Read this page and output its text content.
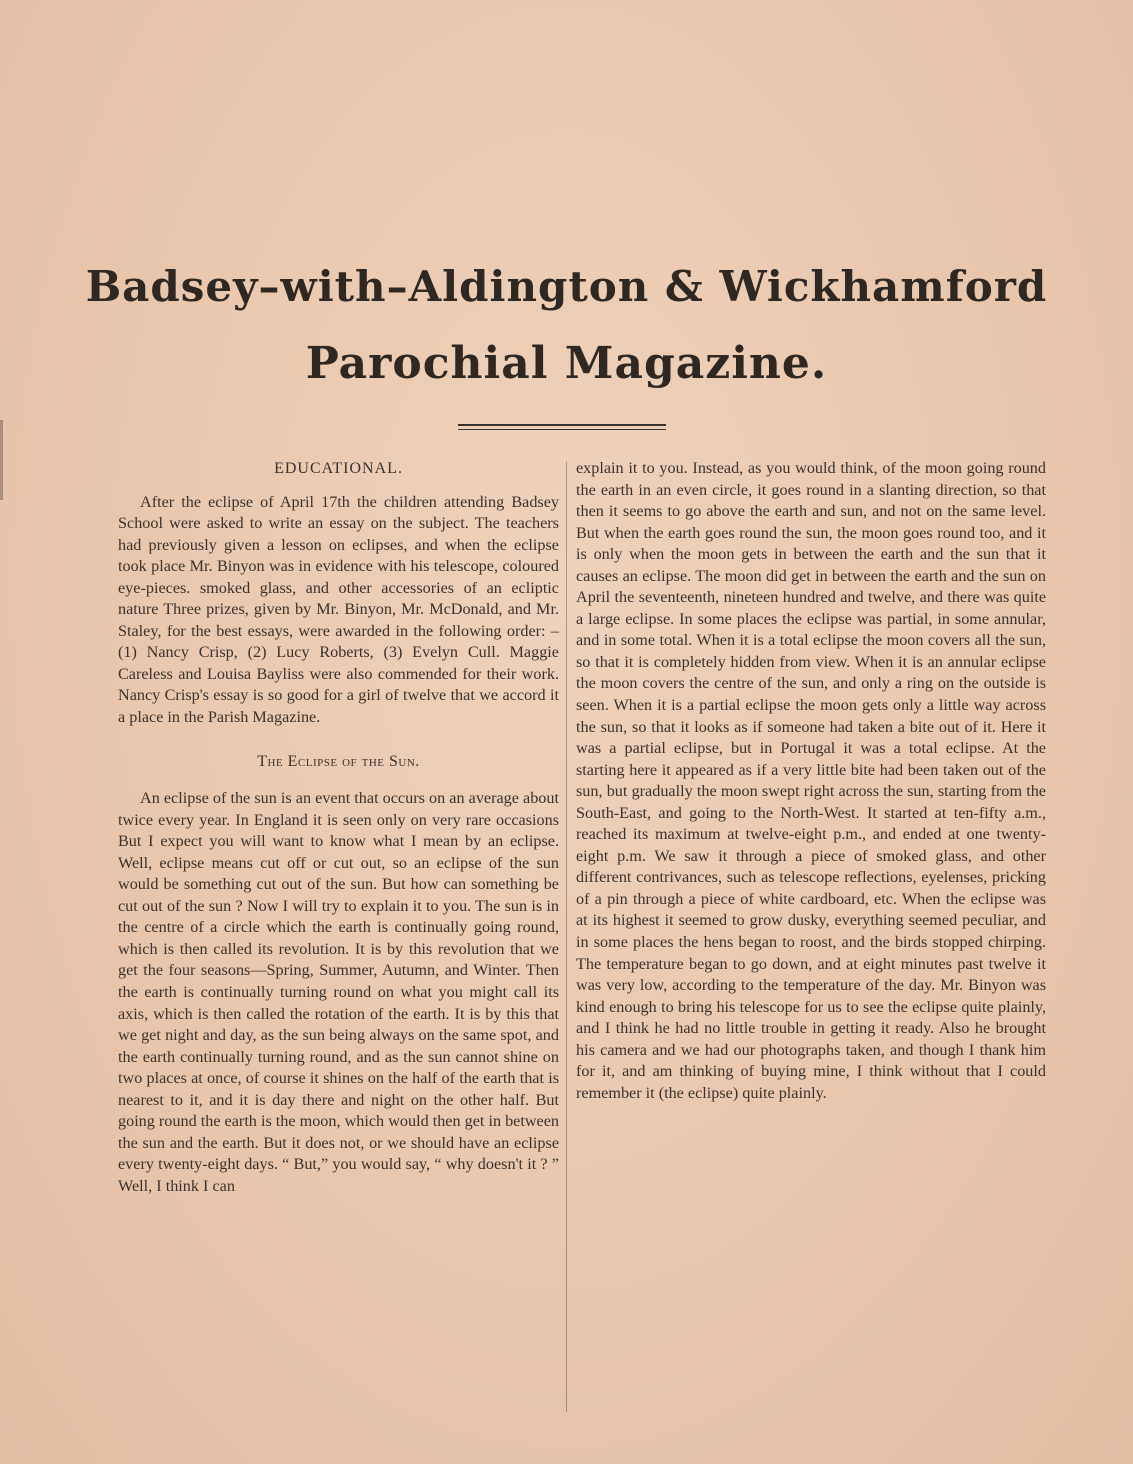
Badsey–with–Aldington & Wickhamford
Parochial Magazine.
EDUCATIONAL.

After the eclipse of April 17th the children attending Badsey School were asked to write an essay on the subject. The teachers had previously given a lesson on eclipses, and when the eclipse took place Mr. Binyon was in evidence with his telescope, coloured eye-pieces. smoked glass, and other accessories of an ecliptic nature Three prizes, given by Mr. Binyon, Mr. McDonald, and Mr. Staley, for the best essays, were awarded in the following order: –(1) Nancy Crisp, (2) Lucy Roberts, (3) Evelyn Cull. Maggie Careless and Louisa Bayliss were also commended for their work. Nancy Crisp's essay is so good for a girl of twelve that we accord it a place in the Parish Magazine.

The Eclipse of the Sun.

An eclipse of the sun is an event that occurs on an average about twice every year. In England it is seen only on very rare occasions But I expect you will want to know what I mean by an eclipse. Well, eclipse means cut off or cut out, so an eclipse of the sun would be something cut out of the sun. But how can something be cut out of the sun ? Now I will try to explain it to you. The sun is in the centre of a circle which the earth is continually going round, which is then called its revolution. It is by this revolution that we get the four seasons—Spring, Summer, Autumn, and Winter. Then the earth is continually turning round on what you might call its axis, which is then called the rotation of the earth. It is by this that we get night and day, as the sun being always on the same spot, and the earth continually turning round, and as the sun cannot shine on two places at once, of course it shines on the half of the earth that is nearest to it, and it is day there and night on the other half. But going round the earth is the moon, which would then get in between the sun and the earth. But it does not, or we should have an eclipse every twenty-eight days. “ But,” you would say, “ why doesn't it ? ” Well, I think I can

explain it to you. Instead, as you would think, of the moon going round the earth in an even circle, it goes round in a slanting direction, so that then it seems to go above the earth and sun, and not on the same level. But when the earth goes round the sun, the moon goes round too, and it is only when the moon gets in between the earth and the sun that it causes an eclipse. The moon did get in between the earth and the sun on April the seventeenth, nineteen hundred and twelve, and there was quite a large eclipse. In some places the eclipse was partial, in some annular, and in some total. When it is a total eclipse the moon covers all the sun, so that it is completely hidden from view. When it is an annular eclipse the moon covers the centre of the sun, and only a ring on the outside is seen. When it is a partial eclipse the moon gets only a little way across the sun, so that it looks as if someone had taken a bite out of it. Here it was a partial eclipse, but in Portugal it was a total eclipse. At the starting here it appeared as if a very little bite had been taken out of the sun, but gradually the moon swept right across the sun, starting from the South-East, and going to the North-West. It started at ten-fifty a.m., reached its maximum at twelve-eight p.m., and ended at one twenty-eight p.m. We saw it through a piece of smoked glass, and other different contrivances, such as telescope reflections, eyelenses, pricking of a pin through a piece of white cardboard, etc. When the eclipse was at its highest it seemed to grow dusky, everything seemed peculiar, and in some places the hens began to roost, and the birds stopped chirping. The temperature began to go down, and at eight minutes past twelve it was very low, according to the temperature of the day. Mr. Binyon was kind enough to bring his telescope for us to see the eclipse quite plainly, and I think he had no little trouble in getting it ready. Also he brought his camera and we had our photographs taken, and though I thank him for it, and am thinking of buying mine, I think without that I could remember it (the eclipse) quite plainly.
